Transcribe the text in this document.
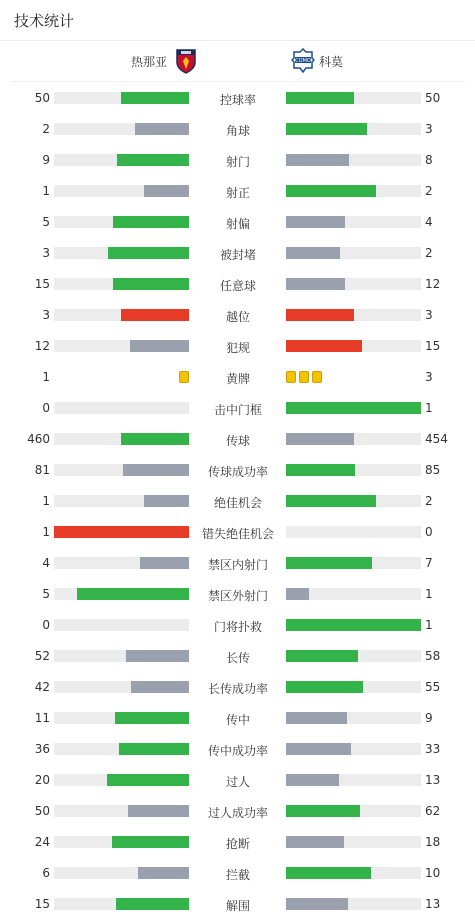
技术统计
热那亚	COMO 科莫
50	控球率	50
2	角球	3
9	射门	8
1	射正	2
5	射偏	4
3	被封堵	2
15	任意球	12
3	越位	3
12	犯规	15
1	黄牌	3
0	击中门框	1
460	传球	454
81	传球成功率	85
1	绝佳机会	2
1	错失绝佳机会	0
4	禁区内射门	7
5	禁区外射门	1
0	门将扑救	1
52	长传	58
42	长传成功率	55
11	传中	9
36	传中成功率	33
20	过人	13
50	过人成功率	62
24	抢断	18
6	拦截	10
15	解围	13
